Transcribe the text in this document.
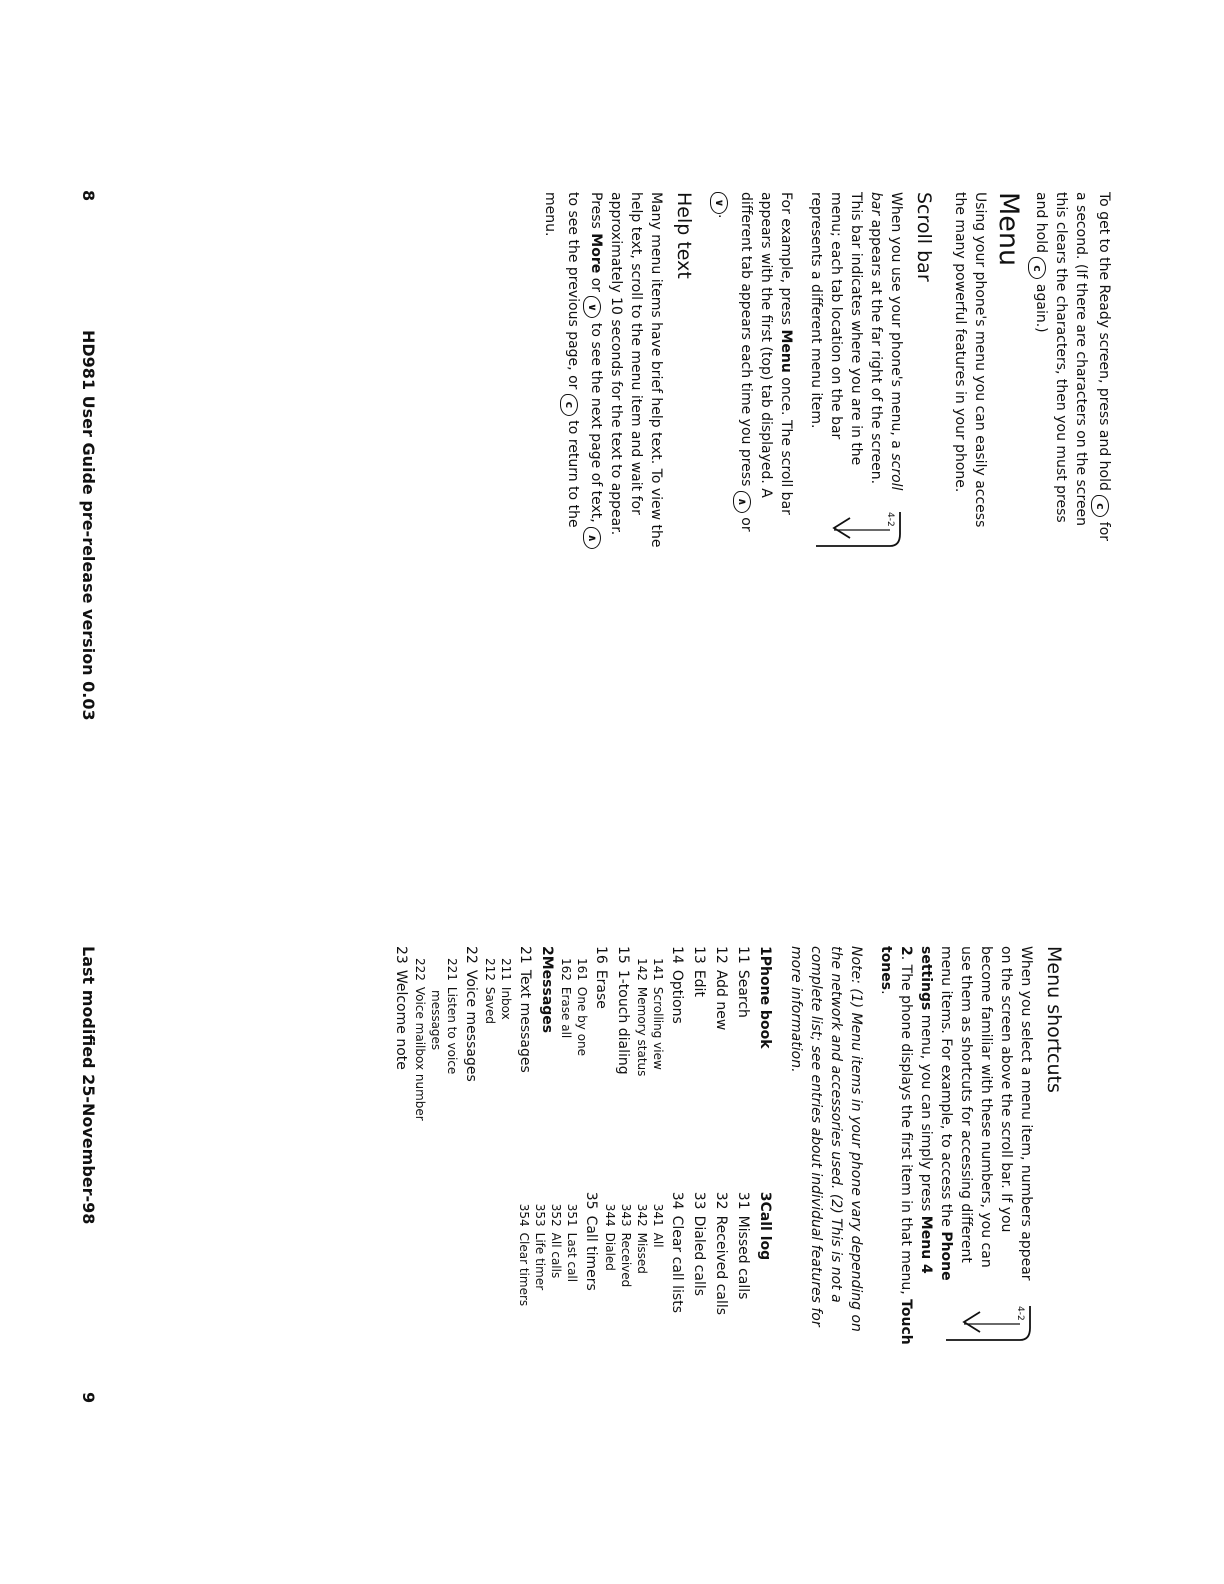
To get to the Ready screen, press and hold c for a second. (If there are characters on the screen this clears the characters, then you must press and hold c again.)

Menu

Using your phone's menu you can easily access the many powerful features in your phone.

Scroll bar
4-2

When you use your phone's menu, a scroll bar appears at the far right of the screen. This bar indicates where you are in the menu; each tab location on the bar represents a different menu item.

For example, press Menu once. The scroll bar appears with the first (top) tab displayed. A different tab appears each time you press ∧ or ∨.

Help text

Many menu items have brief help text. To view the help text, scroll to the menu item and wait for approximately 10 seconds for the text to appear. Press More or ∨ to see the next page of text, ∧ to see the previous page, or c to return to the menu.

8
HD981 User Guide pre-release version 0.03
Menu shortcuts
4-2

When you select a menu item, numbers appear on the screen above the scroll bar. If you become familiar with these numbers, you can use them as shortcuts for accessing different menu items. For example, to access the Phone settings menu, you can simply press Menu 4 2. The phone displays the first item in that menu, Touch tones.

Note: (1) Menu items in your phone vary depending on the network and accessories used. (2) This is not a complete list; see entries about individual features for more information.

1Phone book
11Search
12Add new
13Edit
14Options
141Scrolling view
142Memory status
151-touch dialing
16Erase
161One by one
162Erase all
2Messages
21Text messages
211Inbox
212Saved
22Voice messages
221Listen to voice
messages
222Voice mailbox number
23Welcome note
3Call log
31Missed calls
32Received calls
33Dialed calls
34Clear call lists
341All
342Missed
343Received
344Dialed
35Call timers
351Last call
352All calls
353Life timer
354Clear timers
Last modified 25-November-98
9
